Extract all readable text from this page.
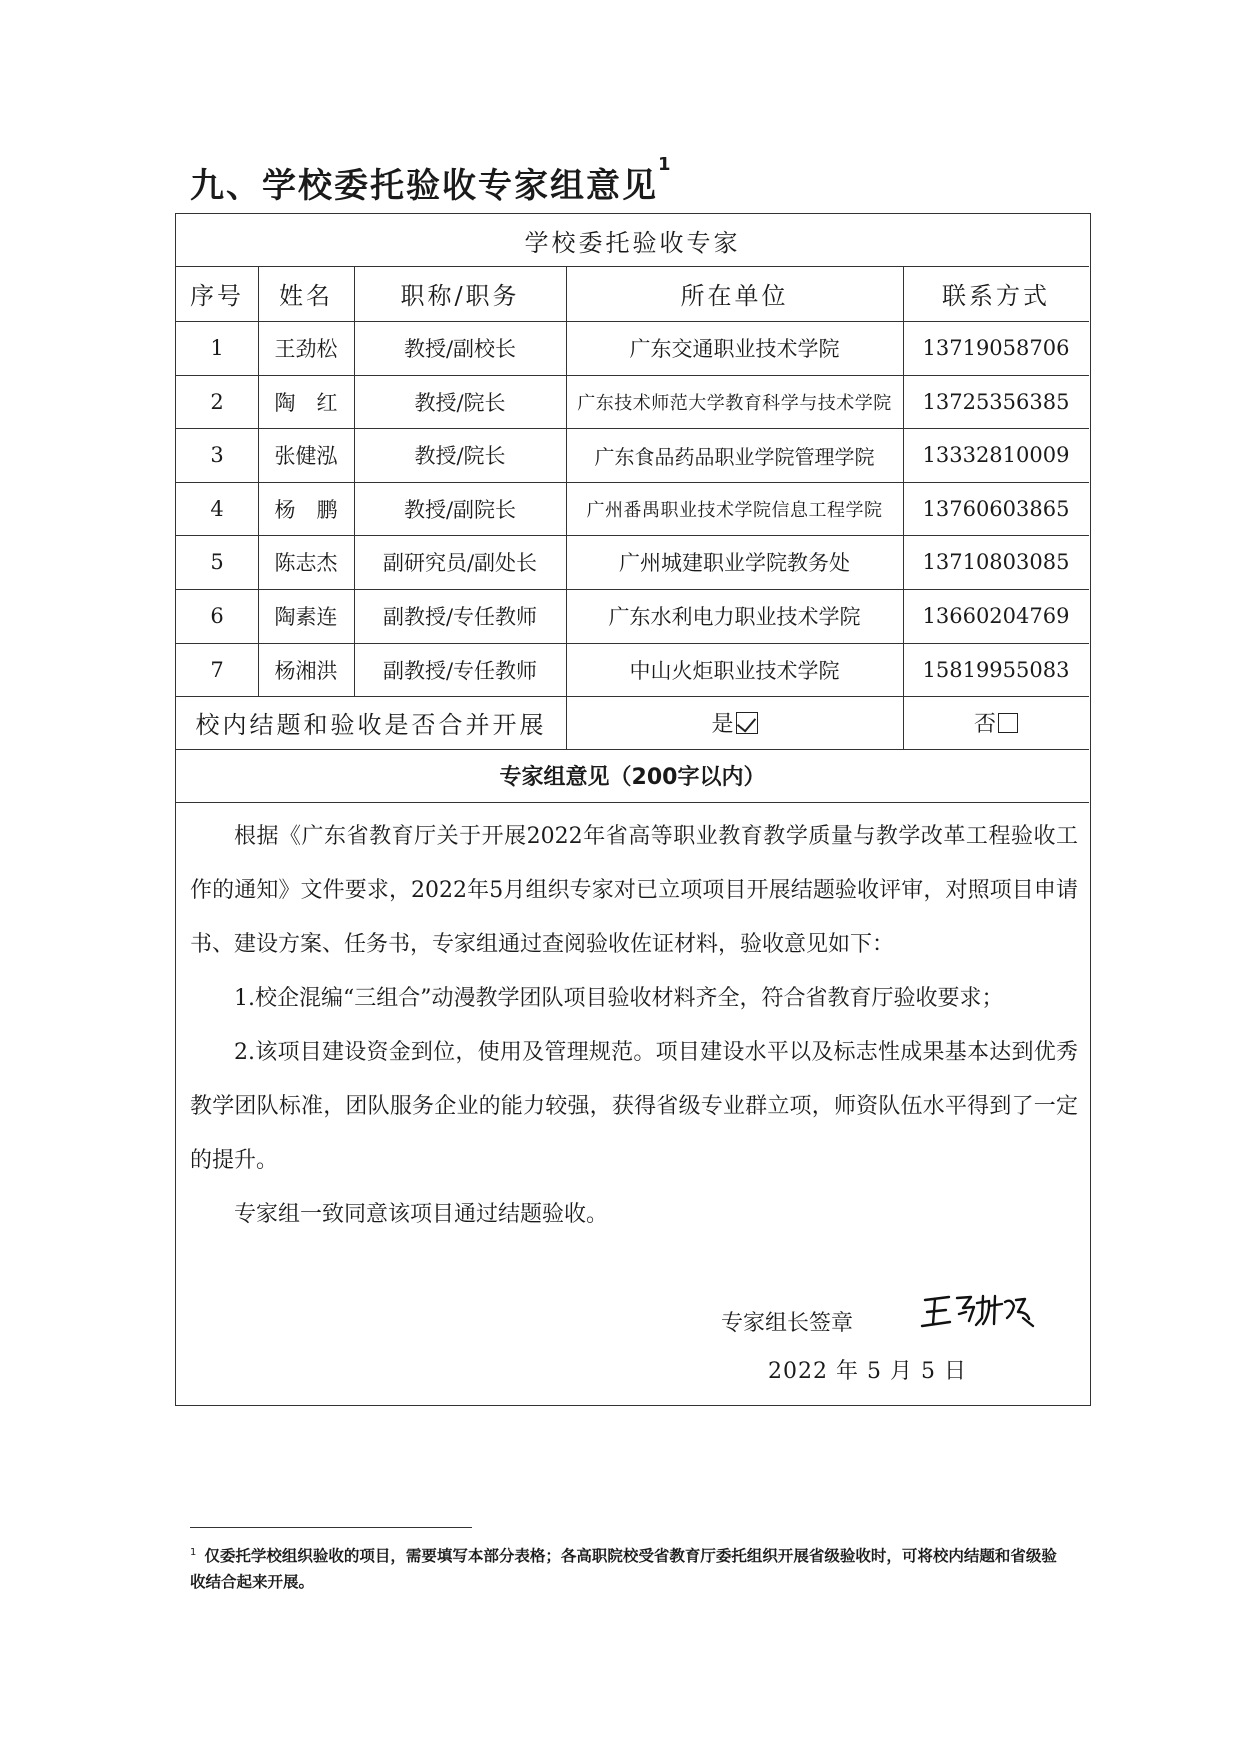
九、学校委托验收专家组意见$^1$
学校委托验收专家
序号	姓名	职称/职务	所在单位	联系方式
1	王劲松	教授/副校长	广东交通职业技术学院	13719058706
2	陶　红	教授/院长	广东技术师范大学教育科学与技术学院	13725356385
3	张健泓	教授/院长	广东食品药品职业学院管理学院	13332810009
4	杨　鹏	教授/副院长	广州番禺职业技术学院信息工程学院	13760603865
5	陈志杰	副研究员/副处长	广州城建职业学院教务处	13710803085
6	陶素连	副教授/专任教师	广东水利电力职业技术学院	13660204769
7	杨湘洪	副教授/专任教师	中山火炬职业技术学院	15819955083
校内结题和验收是否合并开展	是	否
专家组意见（200字以内）

根据《广东省教育厅关于开展2022年省高等职业教育教学质量与教学改革工程验收工作的通知》文件要求，2022年5月组织专家对已立项项目开展结题验收评审，对照项目申请书、建设方案、任务书，专家组通过查阅验收佐证材料，验收意见如下：

1.校企混编“三组合”动漫教学团队项目验收材料齐全，符合省教育厅验收要求；

2.该项目建设资金到位，使用及管理规范。项目建设水平以及标志性成果基本达到优秀教学团队标准，团队服务企业的能力较强，获得省级专业群立项，师资队伍水平得到了一定的提升。

专家组一致同意该项目通过结题验收。

专家组长签章
2022 年 5 月 5 日
$^1$ 仅委托学校组织验收的项目，需要填写本部分表格；各高职院校受省教育厅委托组织开展省级验收时，可将校内结题和省级验收结合起来开展。
